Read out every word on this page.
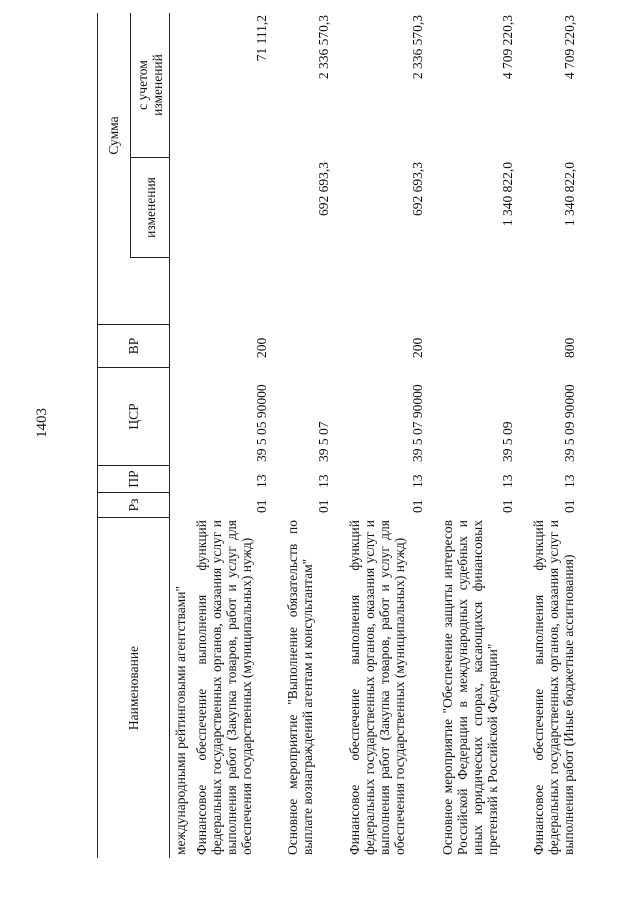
1403
Наименование
Рз
ПР
ЦСР
ВР
Сумма
изменения
с учетом изменений
международными рейтинговыми агентствами" Финансовое обеспечение выполнения функций федеральных государственных органов, оказания услуг и выполнения работ (Закупка товаров, работ и услуг для обеспечения государственных (муниципальных) нужд)
01
13
39 5 05 90000
200
71 111,2
Основное мероприятие "Выполнение обязательств по выплате вознаграждений агентам и консультантам"
01
13
39 5 07
692 693,3
2 336 570,3
Финансовое обеспечение выполнения функций федеральных государственных органов, оказания услуг и выполнения работ (Закупка товаров, работ и услуг для обеспечения государственных (муниципальных) нужд)
01
13
39 5 07 90000
200
692 693,3
2 336 570,3
Основное мероприятие "Обеспечение защиты интересов Российской Федерации в международных судебных и иных юридических спорах, касающихся финансовых претензий к Российской Федерации"
01
13
39 5 09
1 340 822,0
4 709 220,3
Финансовое обеспечение выполнения функций федеральных государственных органов, оказания услуг и выполнения работ (Иные бюджетные ассигнования)
01
13
39 5 09 90000
800
1 340 822,0
4 709 220,3
